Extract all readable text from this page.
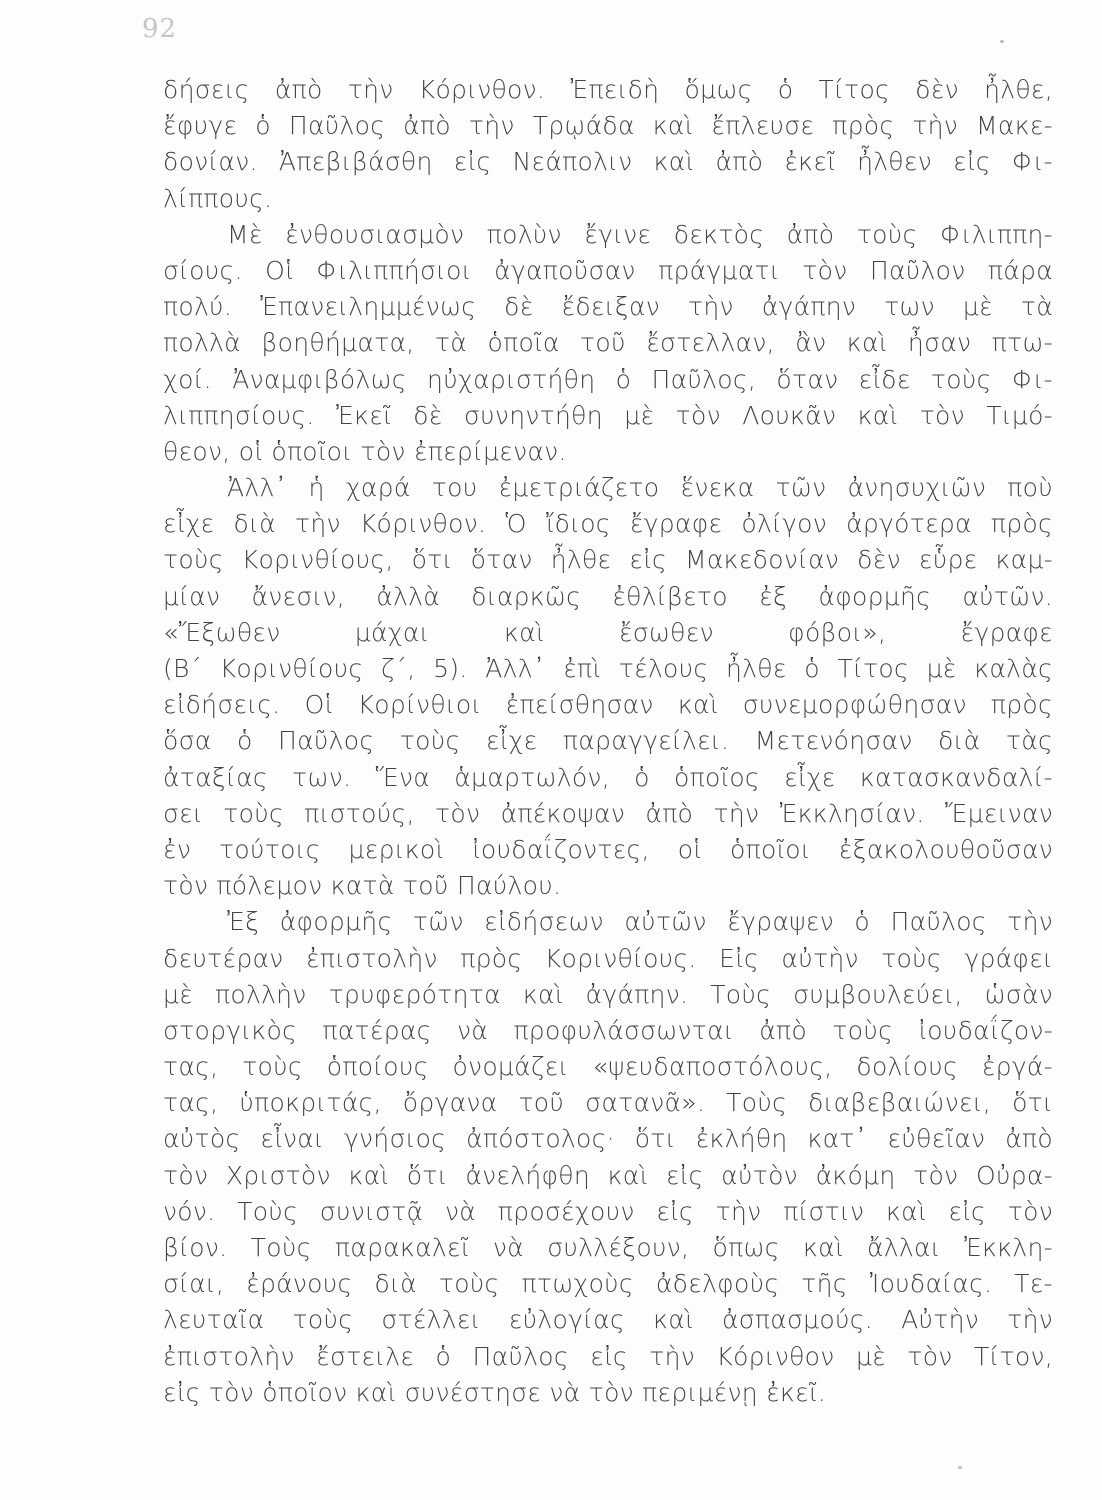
92
δήσεις ἀπὸ τὴν Κόρινθον. Ἐπειδὴ ὅμως ὁ Τίτος δὲν ἦλθε,
ἔφυγε ὁ Παῦλος ἀπὸ τὴν Τρῳάδα καὶ ἔπλευσε πρὸς τὴν Μακε-
δονίαν. Ἀπεβιβάσθη εἰς Νεάπολιν καὶ ἀπὸ ἐκεῖ ἦλθεν εἰς Φι-
λίππους.
Μὲ ἐνθουσιασμὸν πολὺν ἔγινε δεκτὸς ἀπὸ τοὺς Φιλιππη-
σίους. Οἱ Φιλιππήσιοι ἀγαποῦσαν πράγματι τὸν Παῦλον πάρα
πολύ. Ἐπανειλημμένως δὲ ἔδειξαν τὴν ἀγάπην των μὲ τὰ
πολλὰ βοηθήματα, τὰ ὁποῖα τοῦ ἔστελλαν, ἂν καὶ ἦσαν πτω-
χοί. Ἀναμφιβόλως ηὐχαριστήθη ὁ Παῦλος, ὅταν εἶδε τοὺς Φι-
λιππησίους. Ἐκεῖ δὲ συνηντήθη μὲ τὸν Λουκᾶν καὶ τὸν Τιμό-
θεον, οἱ ὁποῖοι τὸν ἐπερίμεναν.
Ἀλλ᾽ ἡ χαρά του ἐμετριάζετο ἕνεκα τῶν ἀνησυχιῶν ποὺ
εἶχε διὰ τὴν Κόρινθον. Ὁ ἴδιος ἔγραφε ὀλίγον ἀργότερα πρὸς
τοὺς Κορινθίους, ὅτι ὅταν ἦλθε εἰς Μακεδονίαν δὲν εὗρε καμ-
μίαν ἄνεσιν, ἀλλὰ διαρκῶς ἐθλίβετο ἐξ ἀφορμῆς αὐτῶν.
«Ἔξωθεν μάχαι καὶ ἔσωθεν φόβοι», ἔγραφε
(Β΄ Κορινθίους ζ΄, 5). Ἀλλ᾽ ἐπὶ τέλους ἦλθε ὁ Τίτος μὲ καλὰς
εἰδήσεις. Οἱ Κορίνθιοι ἐπείσθησαν καὶ συνεμορφώθησαν πρὸς
ὅσα ὁ Παῦλος τοὺς εἶχε παραγγείλει. Μετενόησαν διὰ τὰς
ἀταξίας των. Ἕνα ἁμαρτωλόν, ὁ ὁποῖος εἶχε κατασκανδαλί-
σει τοὺς πιστούς, τὸν ἀπέκοψαν ἀπὸ τὴν Ἐκκλησίαν. Ἔμειναν
ἐν τούτοις μερικοὶ ἰουδαΐζοντες, οἱ ὁποῖοι ἐξακολουθοῦσαν
τὸν πόλεμον κατὰ τοῦ Παύλου.
Ἐξ ἀφορμῆς τῶν εἰδήσεων αὐτῶν ἔγραψεν ὁ Παῦλος τὴν
δευτέραν ἐπιστολὴν πρὸς Κορινθίους. Εἰς αὐτὴν τοὺς γράφει
μὲ πολλὴν τρυφερότητα καὶ ἀγάπην. Τοὺς συμβουλεύει, ὡσὰν
στοργικὸς πατέρας νὰ προφυλάσσωνται ἀπὸ τοὺς ἰουδαΐζον-
τας, τοὺς ὁποίους ὀνομάζει «ψευδαποστόλους, δολίους ἐργά-
τας, ὑποκριτάς, ὄργανα τοῦ σατανᾶ». Τοὺς διαβεβαιώνει, ὅτι
αὐτὸς εἶναι γνήσιος ἀπόστολος· ὅτι ἐκλήθη κατ᾽ εὐθεῖαν ἀπὸ
τὸν Χριστὸν καὶ ὅτι ἀνελήφθη καὶ εἰς αὐτὸν ἀκόμη τὸν Οὐρα-
νόν. Τοὺς συνιστᾷ νὰ προσέχουν εἰς τὴν πίστιν καὶ εἰς τὸν
βίον. Τοὺς παρακαλεῖ νὰ συλλέξουν, ὅπως καὶ ἄλλαι Ἐκκλη-
σίαι, ἐράνους διὰ τοὺς πτωχοὺς ἀδελφοὺς τῆς Ἰουδαίας. Τε-
λευταῖα τοὺς στέλλει εὐλογίας καὶ ἀσπασμούς. Αὐτὴν τὴν
ἐπιστολὴν ἔστειλε ὁ Παῦλος εἰς τὴν Κόρινθον μὲ τὸν Τίτον,
εἰς τὸν ὁποῖον καὶ συνέστησε νὰ τὸν περιμένῃ ἐκεῖ.
